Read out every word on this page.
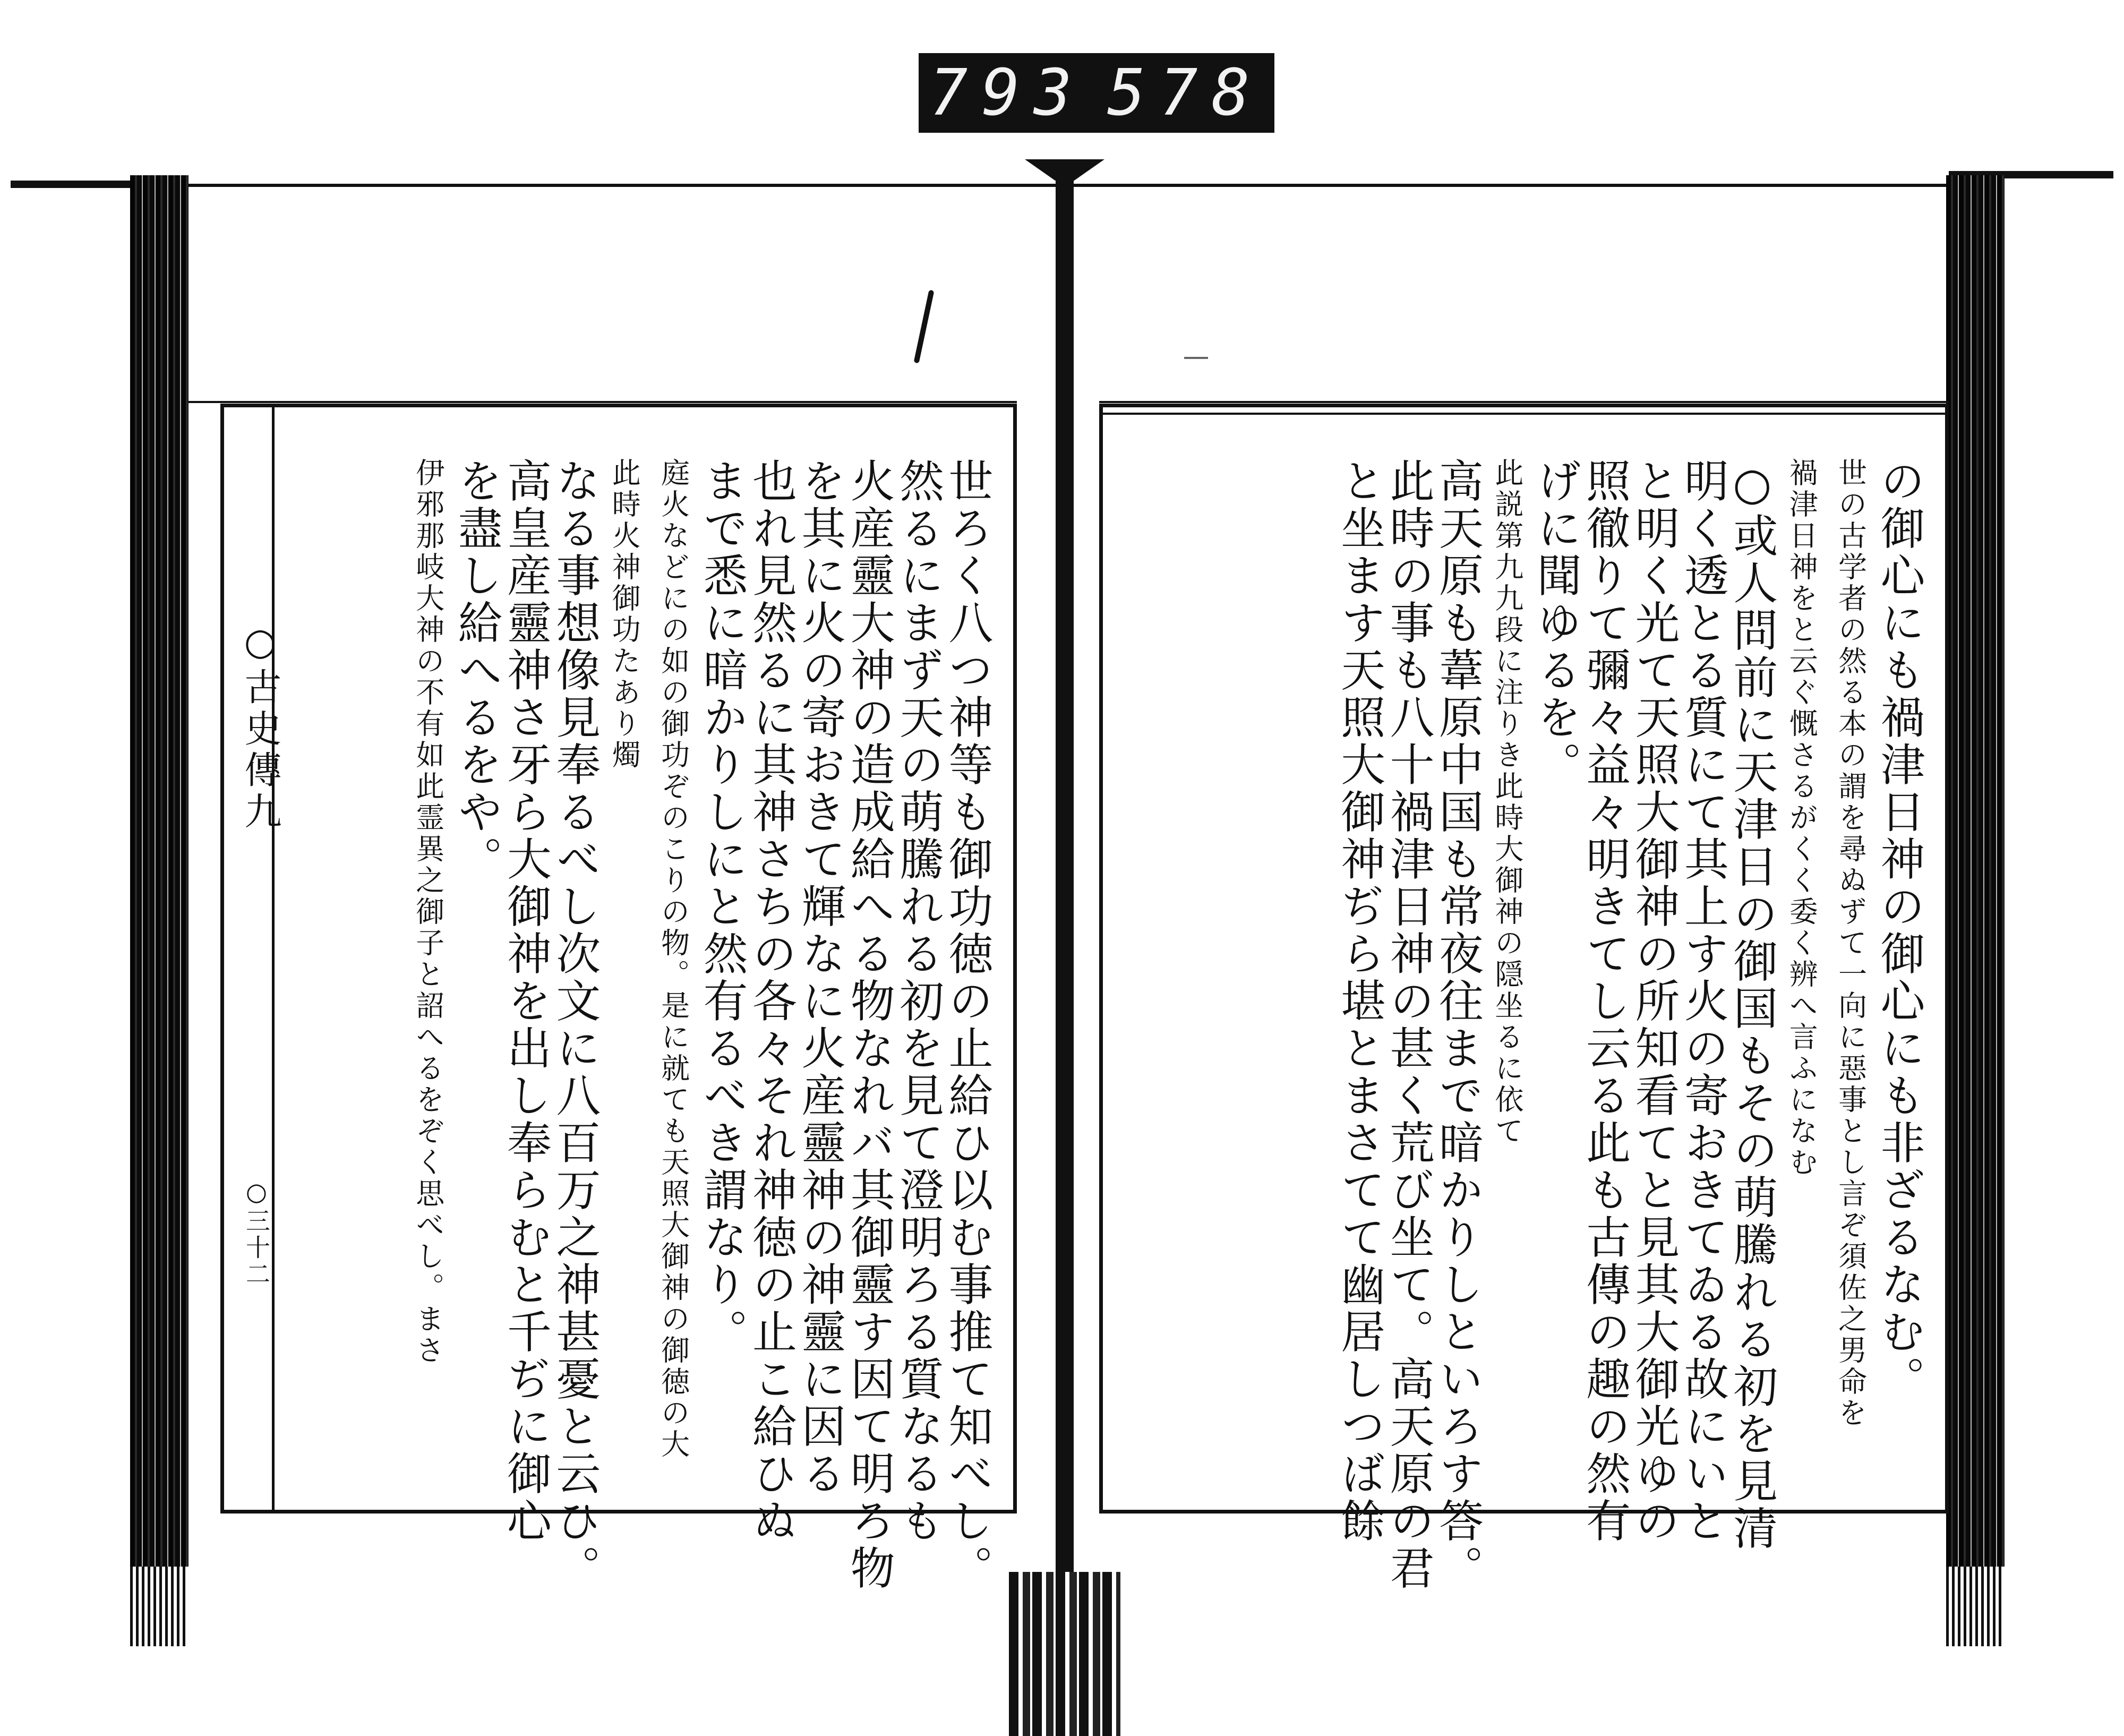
793 578
○古史傳九
○三十二	世ろく八つ神等も御功徳の止給ひ以む事推て知べし。
然るにまず天の萌騰れる初を見て澄明ろる質なるも
火産靈大神の造成給へる物なれバ其御靈す因て明ろ物
を其に火の寄おきて輝なに火産靈神の神靈に因る
也れ見然るに其神さちの各々それ神徳の止こ給ひぬ
まで悉に暗かりしにと然有るべき謂なり。
庭火などにの如の御功ぞのこりの物。是に就ても天照大御神の御徳の大
此時火神御功たあり燭
なる事想像見奉るべし次文に八百万之神甚憂と云ひ。
高皇産靈神さ牙ら大御神を出し奉らむと千ぢに御心
を盡し給へるをや。
伊邪那岐大神の不有如此霊異之御子と詔へるをぞく思べし。まさ	の御心にも禍津日神の御心にも非ざるなむ。
世の古学者の然る本の謂を尋ぬずて一向に惡事とし言ぞ須佐之男命を
禍津日神をと云ぐ慨さるがくく委く辨へ言ふになむ
○或人問前に天津日の御国もその萌騰れる初を見清
明く透とる質にて其上す火の寄おきてゐる故にいと
と明く光て天照大御神の所知看てと見其大御光ゆの
照徹りて彌々益々明きてし云る此も古傳の趣の然有
げに聞ゆるを。
此説第九九段に注りき此時大御神の隠坐るに依て
高天原も葦原中国も常夜往まで暗かりしといろす答。
此時の事も八十禍津日神の甚く荒び坐て。高天原の君
と坐ます天照大御神ぢら堪とまさてて幽居しつば餘
